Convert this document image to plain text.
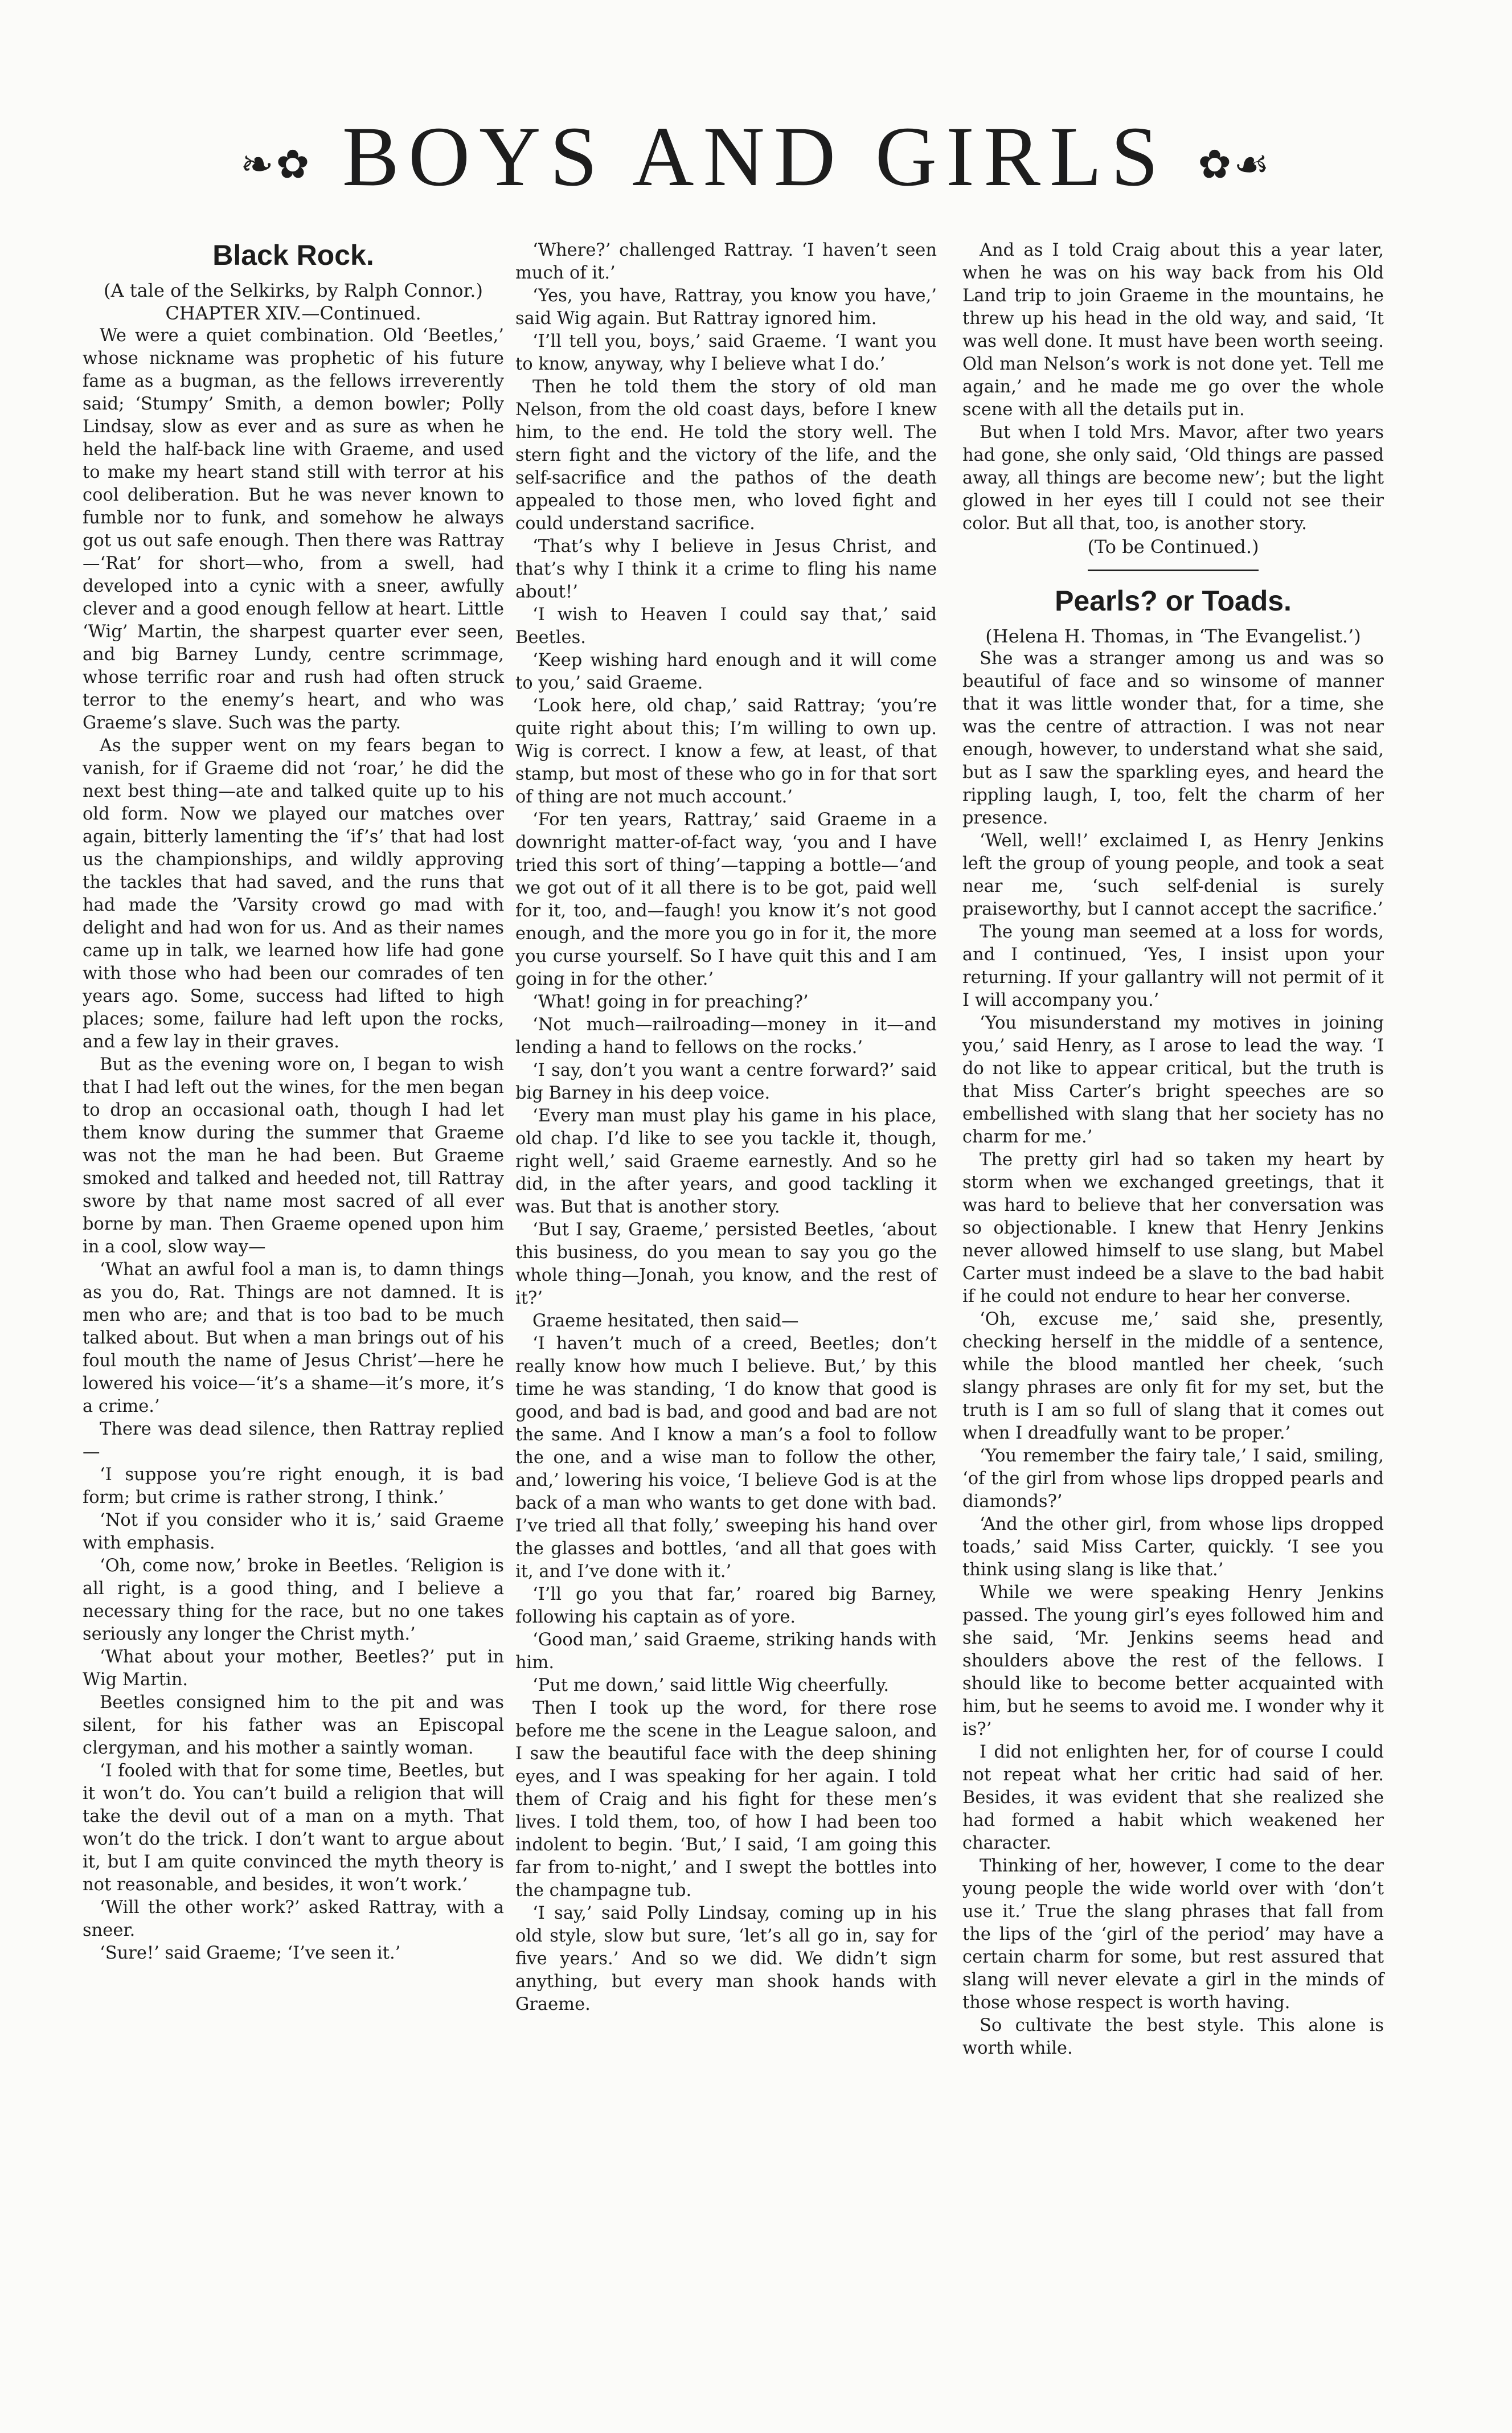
❧✿ BOYS AND GIRLS ✿☙
Black Rock.
(A tale of the Selkirks, by Ralph Connor.)
CHAPTER XIV.—Continued.

We were a quiet combination. Old ‘Beetles,’ whose nickname was prophetic of his future fame as a bugman, as the fellows irreverently said; ‘Stumpy’ Smith, a demon bowler; Polly Lindsay, slow as ever and as sure as when he held the half-back line with Graeme, and used to make my heart stand still with terror at his cool deliberation. But he was never known to fumble nor to funk, and somehow he always got us out safe enough. Then there was Rattray—‘Rat’ for short—who, from a swell, had developed into a cynic with a sneer, awfully clever and a good enough fellow at heart. Little ‘Wig’ Martin, the sharpest quarter ever seen, and big Barney Lundy, centre scrimmage, whose terrific roar and rush had often struck terror to the enemy’s heart, and who was Graeme’s slave. Such was the party.

As the supper went on my fears began to vanish, for if Graeme did not ‘roar,’ he did the next best thing—ate and talked quite up to his old form. Now we played our matches over again, bitterly lamenting the ‘if’s’ that had lost us the championships, and wildly approving the tackles that had saved, and the runs that had made the ’Varsity crowd go mad with delight and had won for us. And as their names came up in talk, we learned how life had gone with those who had been our comrades of ten years ago. Some, success had lifted to high places; some, failure had left upon the rocks, and a few lay in their graves.

But as the evening wore on, I began to wish that I had left out the wines, for the men began to drop an occasional oath, though I had let them know during the summer that Graeme was not the man he had been. But Graeme smoked and talked and heeded not, till Rattray swore by that name most sacred of all ever borne by man. Then Graeme opened upon him in a cool, slow way—

‘What an awful fool a man is, to damn things as you do, Rat. Things are not damned. It is men who are; and that is too bad to be much talked about. But when a man brings out of his foul mouth the name of Jesus Christ’—here he lowered his voice—‘it’s a shame—it’s more, it’s a crime.’

There was dead silence, then Rattray replied—

‘I suppose you’re right enough, it is bad form; but crime is rather strong, I think.’

‘Not if you consider who it is,’ said Graeme with emphasis.

‘Oh, come now,’ broke in Beetles. ‘Religion is all right, is a good thing, and I believe a necessary thing for the race, but no one takes seriously any longer the Christ myth.’

‘What about your mother, Beetles?’ put in Wig Martin.

Beetles consigned him to the pit and was silent, for his father was an Episcopal clergyman, and his mother a saintly woman.

‘I fooled with that for some time, Beetles, but it won’t do. You can’t build a religion that will take the devil out of a man on a myth. That won’t do the trick. I don’t want to argue about it, but I am quite convinced the myth theory is not reasonable, and besides, it won’t work.’

‘Will the other work?’ asked Rattray, with a sneer.

‘Sure!’ said Graeme; ‘I’ve seen it.’

‘Where?’ challenged Rattray. ‘I haven’t seen much of it.’

‘Yes, you have, Rattray, you know you have,’ said Wig again. But Rattray ignored him.

‘I’ll tell you, boys,’ said Graeme. ‘I want you to know, anyway, why I believe what I do.’

Then he told them the story of old man Nelson, from the old coast days, before I knew him, to the end. He told the story well. The stern fight and the victory of the life, and the self-sacrifice and the pathos of the death appealed to those men, who loved fight and could understand sacrifice.

‘That’s why I believe in Jesus Christ, and that’s why I think it a crime to fling his name about!’

‘I wish to Heaven I could say that,’ said Beetles.

‘Keep wishing hard enough and it will come to you,’ said Graeme.

‘Look here, old chap,’ said Rattray; ‘you’re quite right about this; I’m willing to own up. Wig is correct. I know a few, at least, of that stamp, but most of these who go in for that sort of thing are not much account.’

‘For ten years, Rattray,’ said Graeme in a downright matter-of-fact way, ‘you and I have tried this sort of thing’—tapping a bottle—‘and we got out of it all there is to be got, paid well for it, too, and—faugh! you know it’s not good enough, and the more you go in for it, the more you curse yourself. So I have quit this and I am going in for the other.’

‘What! going in for preaching?’

‘Not much—railroading—money in it—and lending a hand to fellows on the rocks.’

‘I say, don’t you want a centre forward?’ said big Barney in his deep voice.

‘Every man must play his game in his place, old chap. I’d like to see you tackle it, though, right well,’ said Graeme earnestly. And so he did, in the after years, and good tackling it was. But that is another story.

‘But I say, Graeme,’ persisted Beetles, ‘about this business, do you mean to say you go the whole thing—Jonah, you know, and the rest of it?’

Graeme hesitated, then said—

‘I haven’t much of a creed, Beetles; don’t really know how much I believe. But,’ by this time he was standing, ‘I do know that good is good, and bad is bad, and good and bad are not the same. And I know a man’s a fool to follow the one, and a wise man to follow the other, and,’ lowering his voice, ‘I believe God is at the back of a man who wants to get done with bad. I’ve tried all that folly,’ sweeping his hand over the glasses and bottles, ‘and all that goes with it, and I’ve done with it.’

‘I’ll go you that far,’ roared big Barney, following his captain as of yore.

‘Good man,’ said Graeme, striking hands with him.

‘Put me down,’ said little Wig cheerfully.

Then I took up the word, for there rose before me the scene in the League saloon, and I saw the beautiful face with the deep shining eyes, and I was speaking for her again. I told them of Craig and his fight for these men’s lives. I told them, too, of how I had been too indolent to begin. ‘But,’ I said, ‘I am going this far from to-night,’ and I swept the bottles into the champagne tub.

‘I say,’ said Polly Lindsay, coming up in his old style, slow but sure, ‘let’s all go in, say for five years.’ And so we did. We didn’t sign anything, but every man shook hands with Graeme.

And as I told Craig about this a year later, when he was on his way back from his Old Land trip to join Graeme in the mountains, he threw up his head in the old way, and said, ‘It was well done. It must have been worth seeing. Old man Nelson’s work is not done yet. Tell me again,’ and he made me go over the whole scene with all the details put in.

But when I told Mrs. Mavor, after two years had gone, she only said, ‘Old things are passed away, all things are become new’; but the light glowed in her eyes till I could not see their color. But all that, too, is another story.

(To be Continued.)
Pearls? or Toads.
(Helena H. Thomas, in ‘The Evangelist.’)

She was a stranger among us and was so beautiful of face and so winsome of manner that it was little wonder that, for a time, she was the centre of attraction. I was not near enough, however, to understand what she said, but as I saw the sparkling eyes, and heard the rippling laugh, I, too, felt the charm of her presence.

‘Well, well!’ exclaimed I, as Henry Jenkins left the group of young people, and took a seat near me, ‘such self-denial is surely praiseworthy, but I cannot accept the sacrifice.’

The young man seemed at a loss for words, and I continued, ‘Yes, I insist upon your returning. If your gallantry will not permit of it I will accompany you.’

‘You misunderstand my motives in joining you,’ said Henry, as I arose to lead the way. ‘I do not like to appear critical, but the truth is that Miss Carter’s bright speeches are so embellished with slang that her society has no charm for me.’

The pretty girl had so taken my heart by storm when we exchanged greetings, that it was hard to believe that her conversation was so objectionable. I knew that Henry Jenkins never allowed himself to use slang, but Mabel Carter must indeed be a slave to the bad habit if he could not endure to hear her converse.

‘Oh, excuse me,’ said she, presently, checking herself in the middle of a sentence, while the blood mantled her cheek, ‘such slangy phrases are only fit for my set, but the truth is I am so full of slang that it comes out when I dreadfully want to be proper.’

‘You remember the fairy tale,’ I said, smiling, ‘of the girl from whose lips dropped pearls and diamonds?’

‘And the other girl, from whose lips dropped toads,’ said Miss Carter, quickly. ‘I see you think using slang is like that.’

While we were speaking Henry Jenkins passed. The young girl’s eyes followed him and she said, ‘Mr. Jenkins seems head and shoulders above the rest of the fellows. I should like to become better acquainted with him, but he seems to avoid me. I wonder why it is?’

I did not enlighten her, for of course I could not repeat what her critic had said of her. Besides, it was evident that she realized she had formed a habit which weakened her character.

Thinking of her, however, I come to the dear young people the wide world over with ‘don’t use it.’ True the slang phrases that fall from the lips of the ‘girl of the period’ may have a certain charm for some, but rest assured that slang will never elevate a girl in the minds of those whose respect is worth having.

So cultivate the best style. This alone is worth while.
